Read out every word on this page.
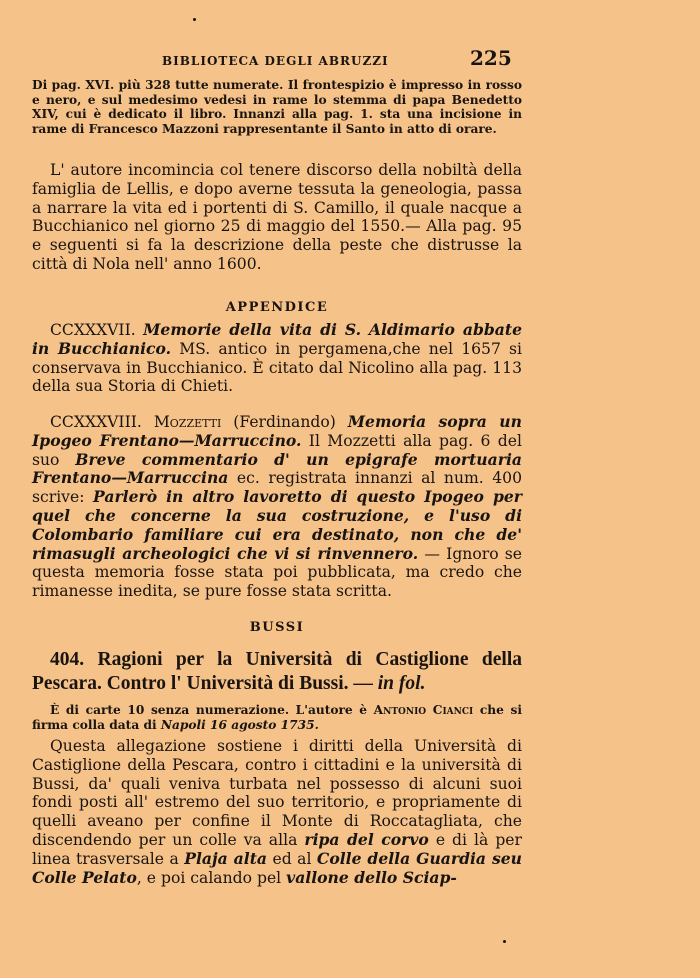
BIBLIOTECA DEGLI ABRUZZI	225

Di pag. XVI. più 328 tutte numerate. Il frontespizio è impresso in rosso e nero, e sul medesimo vedesi in rame lo stemma di papa Benedetto XIV, cui è dedicato il libro. Innanzi alla pag. 1. sta una incisione in rame di Francesco Mazzoni rappresentante il Santo in atto di orare.

L' autore incomincia col tenere discorso della nobiltà della famiglia de Lellis, e dopo averne tessuta la geneologia, passa a narrare la vita ed i portenti di S. Camillo, il quale nacque a Bucchianico nel giorno 25 di maggio del 1550.— Alla pag. 95 e seguenti si fa la descrizione della peste che distrusse la città di Nola nell' anno 1600.

APPENDICE

CCXXXVII. Memorie della vita di S. Aldimario abbate in Bucchianico. MS. antico in pergamena,che nel 1657 si conservava in Bucchianico. È citato dal Nicolino alla pag. 113 della sua Storia di Chieti.

CCXXXVIII. Mozzetti (Ferdinando) Memoria sopra un Ipogeo Frentano—Marruccino. Il Mozzetti alla pag. 6 del suo Breve commentario d' un epigrafe mortuaria Frentano—Marruccina ec. registrata innanzi al num. 400 scrive: Parlerò in altro lavoretto di questo Ipogeo per quel che concerne la sua costruzione, e l'uso di Colombario familiare cui era destinato, non che de' rimasugli archeologici che vi si rinvennero. — Ignoro se questa memoria fosse stata poi pubblicata, ma credo che rimanesse inedita, se pure fosse stata scritta.

BUSSI

404. Ragioni per la Università di Castiglione della Pescara. Contro l' Università di Bussi. — in fol.

È di carte 10 senza numerazione. L'autore è Antonio Cianci che si firma colla data di Napoli 16 agosto 1735.

Questa allegazione sostiene i diritti della Università di Castiglione della Pescara, contro i cittadini e la università di Bussi, da' quali veniva turbata nel possesso di alcuni suoi fondi posti all' estremo del suo territorio, e propriamente di quelli aveano per confine il Monte di Roccatagliata, che discendendo per un colle va alla ripa del corvo e di là per linea trasversale a Plaja alta ed al Colle della Guardia seu Colle Pelato, e poi calando pel vallone dello Sciap-
